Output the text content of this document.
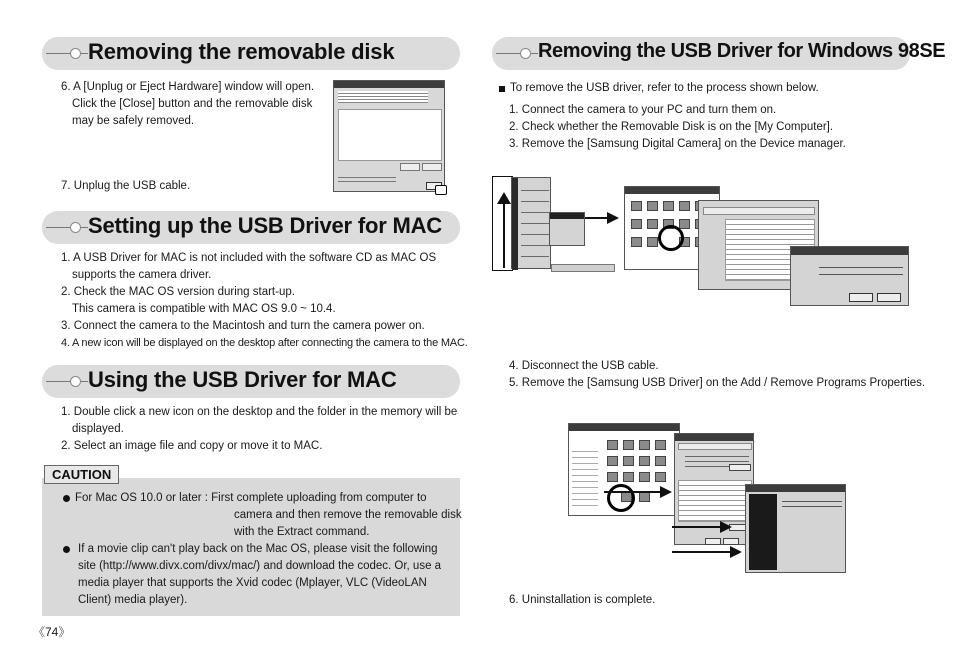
Removing the removable disk
6. A [Unplug or Eject Hardware] window will open.
Click the [Close] button and the removable disk
may be safely removed.
7. Unplug the USB cable.
Setting up the USB Driver for MAC
1. A USB Driver for MAC is not included with the software CD as MAC OS
supports the camera driver.
2. Check the MAC OS version during start-up.
This camera is compatible with MAC OS 9.0 ~ 10.4.
3. Connect the camera to the Macintosh and turn the camera power on.
4. A new icon will be displayed on the desktop after connecting the camera to the MAC.
Using the USB Driver for MAC
1. Double click a new icon on the desktop and the folder in the memory will be
displayed.
2. Select an image file and copy or move it to MAC.
CAUTION
For Mac OS 10.0 or later : First complete uploading from computer to
camera and then remove the removable disk
with the Extract command.
If a movie clip can't play back on the Mac OS, please visit the following
site (http://www.divx.com/divx/mac/) and download the codec. Or, use a
media player that supports the Xvid codec (Mplayer, VLC (VideoLAN
Client) media player).
《74》
Removing the USB Driver for Windows 98SE
To remove the USB driver, refer to the process shown below.
1. Connect the camera to your PC and turn them on.
2. Check whether the Removable Disk is on the [My Computer].
3. Remove the [Samsung Digital Camera] on the Device manager.
4. Disconnect the USB cable.
5. Remove the [Samsung USB Driver] on the Add / Remove Programs Properties.
6. Uninstallation is complete.
